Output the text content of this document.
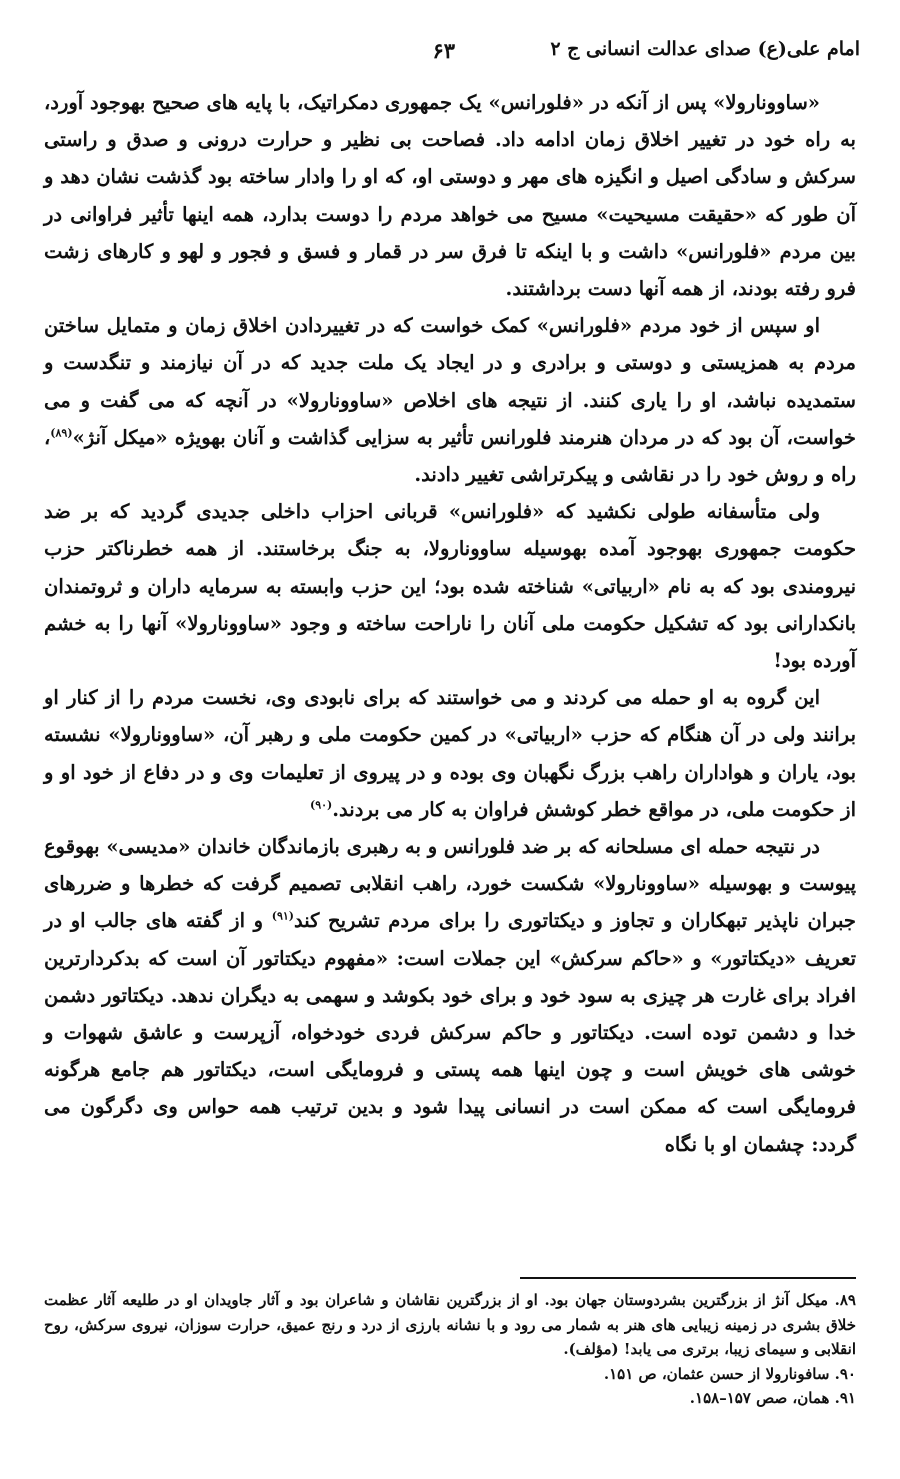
امام علی(ع) صدای عدالت انسانی ج ۲
۶۳

«ساوونارولا» پس از آنکه در «فلورانس» یک جمهوری دمکراتیک، با پایه های صحیح بهوجود آورد، به راه خود در تغییر اخلاق زمان ادامه داد. فصاحت بی نظیر و حرارت درونی و صدق و راستی سرکش و سادگی اصیل و انگیزه های مهر و دوستی او، که او را وادار ساخته بود گذشت نشان دهد و آن طور که «حقیقت مسیحیت» مسیح می خواهد مردم را دوست بدارد، همه اینها تأثیر فراوانی در بین مردم «فلورانس» داشت و با اینکه تا فرق سر در قمار و فسق و فجور و لهو و کارهای زشت فرو رفته بودند، از همه آنها دست برداشتند.

او سپس از خود مردم «فلورانس» کمک خواست که در تغییردادن اخلاق زمان و متمایل ساختن مردم به همزیستی و دوستی و برادری و در ایجاد یک ملت جدید که در آن نیازمند و تنگدست و ستمدیده نباشد، او را یاری کنند. از نتیجه های اخلاص «ساوونارولا» در آنچه که می گفت و می خواست، آن بود که در مردان هنرمند فلورانس تأثیر به سزایی گذاشت و آنان بهویژه «میکل آنژ»$^{(۸۹)}$، راه و روش خود را در نقاشی و پیکرتراشی تغییر دادند.

ولی متأسفانه طولی نکشید که «فلورانس» قربانی احزاب داخلی جدیدی گردید که بر ضد حکومت جمهوری بهوجود آمده بهوسیله ساوونارولا، به جنگ برخاستند. از همه خطرناکتر حزب نیرومندی بود که به نام «اربیاتی» شناخته شده بود؛ این حزب وابسته به سرمایه داران و ثروتمندان بانکدارانی بود که تشکیل حکومت ملی آنان را ناراحت ساخته و وجود «ساوونارولا» آنها را به خشم آورده بود!

این گروه به او حمله می کردند و می خواستند که برای نابودی وی، نخست مردم را از کنار او برانند ولی در آن هنگام که حزب «اربیاتی» در کمین حکومت ملی و رهبر آن، «ساوونارولا» نشسته بود، یاران و هواداران راهب بزرگ نگهبان وی بوده و در پیروی از تعلیمات وی و در دفاع از خود او و از حکومت ملی، در مواقع خطر کوشش فراوان به کار می بردند.$^{(۹۰)}$

در نتیجه حمله ای مسلحانه که بر ضد فلورانس و به رهبری بازماندگان خاندان «مدیسی» بهوقوع پیوست و بهوسیله «ساوونارولا» شکست خورد، راهب انقلابی تصمیم گرفت که خطرها و ضررهای جبران ناپذیر تبهکاران و تجاوز و دیکتاتوری را برای مردم تشریح کند$^{(۹۱)}$ و از گفته های جالب او در تعریف «دیکتاتور» و «حاکم سرکش» این جملات است: «مفهوم دیکتاتور آن است که بدکردارترین افراد برای غارت هر چیزی به سود خود و برای خود بکوشد و سهمی به دیگران ندهد. دیکتاتور دشمن خدا و دشمن توده است. دیکتاتور و حاکم سرکش فردی خودخواه، آزپرست و عاشق شهوات و خوشی های خویش است و چون اینها همه پستی و فرومایگی است، دیکتاتور هم جامع هرگونه فرومایگی است که ممکن است در انسانی پیدا شود و بدین ترتیب همه حواس وی دگرگون می گردد: چشمان او با نگاه

۸۹. میکل آنژ از بزرگترین بشردوستان جهان بود. او از بزرگترین نقاشان و شاعران بود و آثار جاویدان او در طلیعه آثار عظمت خلاق بشری در زمینه زیبایی های هنر به شمار می رود و با نشانه بارزی از درد و رنج عمیق، حرارت سوزان، نیروی سرکش، روح انقلابی و سیمای زیبا، برتری می یابد! (مؤلف).

۹۰. سافونارولا از حسن عثمان، ص ۱۵۱.

۹۱. همان، صص ۱۵۷–۱۵۸.
